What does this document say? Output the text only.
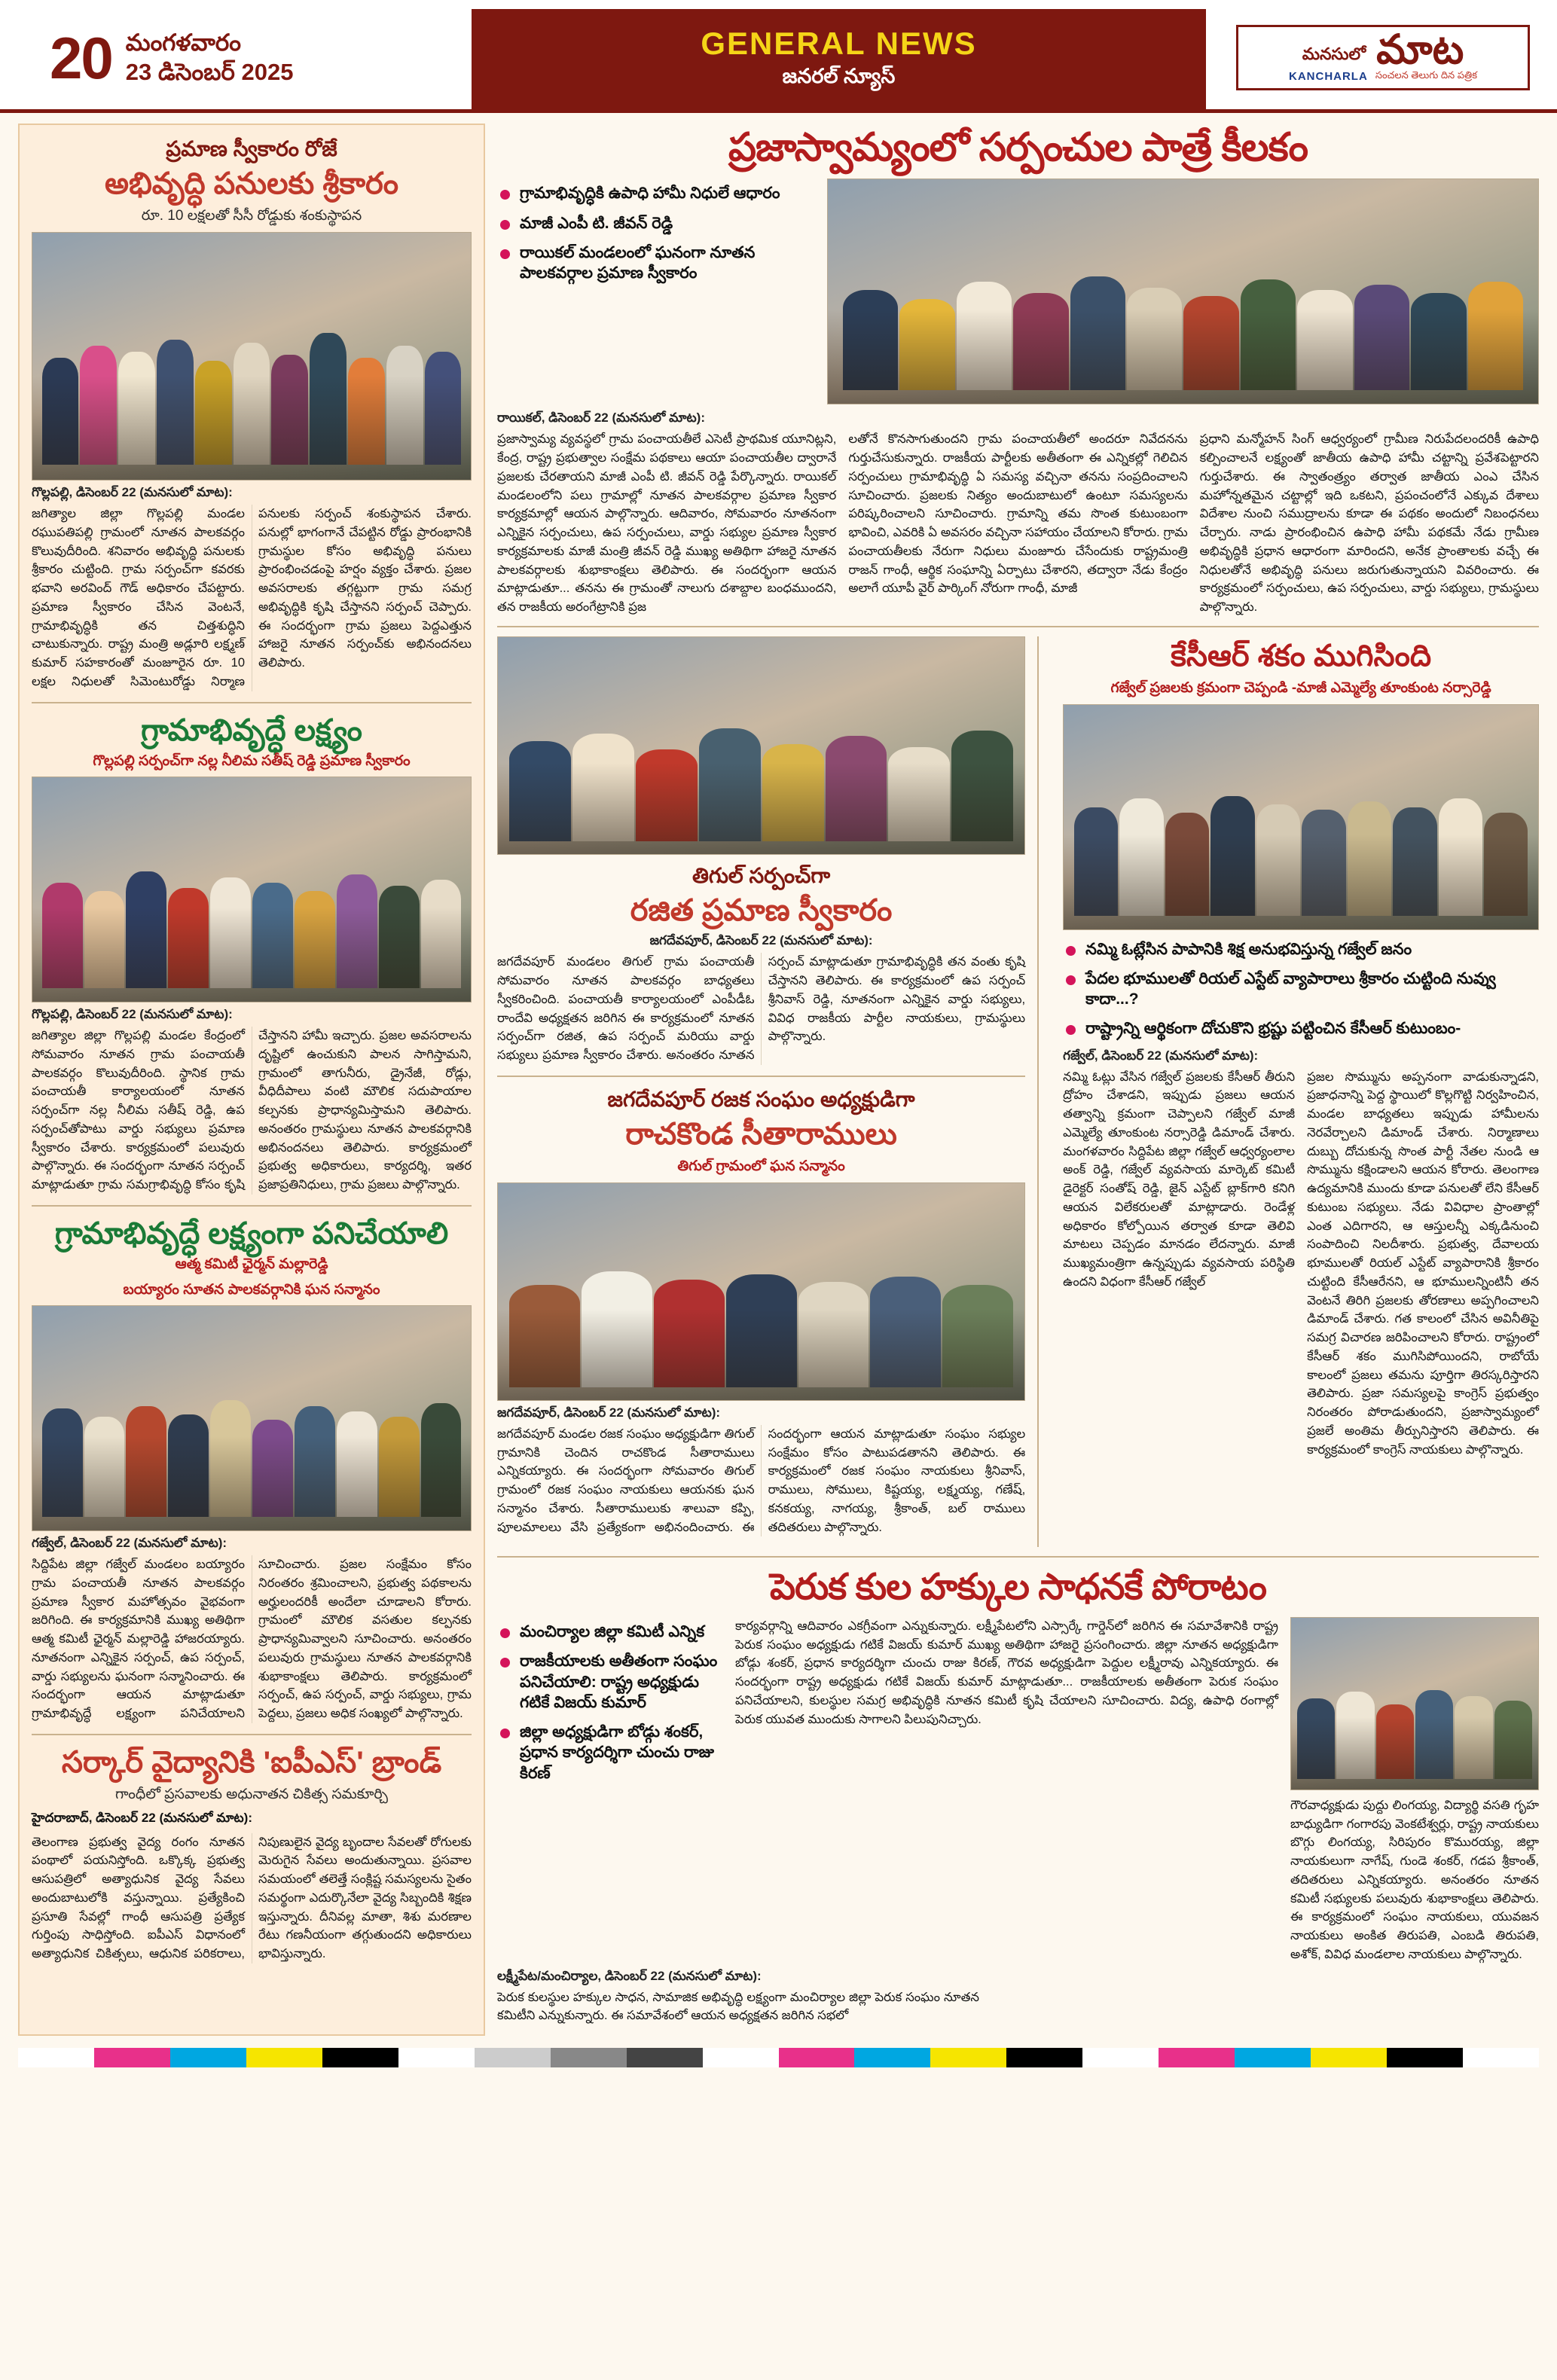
20 మంగళవారం
23 డిసెంబర్ 2025
GENERAL NEWS
జనరల్ న్యూస్
మనసులో మాట
KANCHARLA సంచలన తెలుగు దిన పత్రిక
ప్రమాణ స్వీకారం రోజే
అభివృద్ధి పనులకు శ్రీకారం
రూ. 10 లక్షలతో సీసీ రోడ్డుకు శంకుస్థాపన
గొల్లపల్లి, డిసెంబర్ 22 (మనసులో మాట):
జగిత్యాల జిల్లా గొల్లపల్లి మండల రఘుపతిపల్లి గ్రామంలో నూతన పాలకవర్గం కొలువుదీరింది. శనివారం అభివృద్ధి పనులకు శ్రీకారం చుట్టింది. గ్రామ సర్పంచ్‌గా కవరకు భవాని అరవింద్ గౌడ్ అధికారం చేపట్టారు. ప్రమాణ స్వీకారం చేసిన వెంటనే, గ్రామాభివృద్ధికి తన చిత్తశుద్ధిని చాటుకున్నారు. రాష్ట్ర మంత్రి అడ్లూరి లక్ష్మణ్ కుమార్ సహకారంతో మంజూరైన రూ. 10 లక్షల నిధులతో సిమెంటురోడ్డు నిర్మాణ పనులకు సర్పంచ్ శంకుస్థాపన చేశారు. పనుల్లో భాగంగానే చేపట్టిన రోడ్డు ప్రారంభానికి గ్రామస్థుల కోసం అభివృద్ధి పనులు ప్రారంభించడంపై హర్షం వ్యక్తం చేశారు. ప్రజల అవసరాలకు తగ్గట్టుగా గ్రామ సమగ్ర అభివృద్ధికి కృషి చేస్తానని సర్పంచ్ చెప్పారు. ఈ సందర్భంగా గ్రామ ప్రజలు పెద్దఎత్తున హాజరై నూతన సర్పంచ్‌కు అభినందనలు తెలిపారు.
గ్రామాభివృద్ధే లక్ష్యం
గొల్లపల్లి సర్పంచ్‌గా నల్ల నీలిమ సతీష్ రెడ్డి ప్రమాణ స్వీకారం
గొల్లపల్లి, డిసెంబర్ 22 (మనసులో మాట):
జగిత్యాల జిల్లా గొల్లపల్లి మండల కేంద్రంలో సోమవారం నూతన గ్రామ పంచాయతీ పాలకవర్గం కొలువుదీరింది. స్థానిక గ్రామ పంచాయతీ కార్యాలయంలో నూతన సర్పంచ్‌గా నల్ల నీలిమ సతీష్ రెడ్డి, ఉప సర్పంచ్‌తోపాటు వార్డు సభ్యులు ప్రమాణ స్వీకారం చేశారు. కార్యక్రమంలో పలువురు పాల్గొన్నారు. ఈ సందర్భంగా నూతన సర్పంచ్ మాట్లాడుతూ గ్రామ సమగ్రాభివృద్ధి కోసం కృషి చేస్తానని హామీ ఇచ్చారు. ప్రజల అవసరాలను దృష్టిలో ఉంచుకుని పాలన సాగిస్తామని, గ్రామంలో తాగునీరు, డ్రైనేజీ, రోడ్లు, వీధిదీపాలు వంటి మౌలిక సదుపాయాల కల్పనకు ప్రాధాన్యమిస్తామని తెలిపారు. అనంతరం గ్రామస్థులు నూతన పాలకవర్గానికి అభినందనలు తెలిపారు. కార్యక్రమంలో ప్రభుత్వ అధికారులు, కార్యదర్శి, ఇతర ప్రజాప్రతినిధులు, గ్రామ ప్రజలు పాల్గొన్నారు.
గ్రామాభివృద్ధే లక్ష్యంగా పనిచేయాలి
ఆత్మ కమిటీ ఛైర్మన్ మల్లారెడ్డి
బయ్యారం సూతన పాలకవర్గానికి ఘన సన్మానం
గజ్వేల్, డిసెంబర్ 22 (మనసులో మాట):
సిద్దిపేట జిల్లా గజ్వేల్ మండలం బయ్యారం గ్రామ పంచాయతీ నూతన పాలకవర్గం ప్రమాణ స్వీకార మహోత్సవం వైభవంగా జరిగింది. ఈ కార్యక్రమానికి ముఖ్య అతిథిగా ఆత్మ కమిటీ ఛైర్మన్ మల్లారెడ్డి హాజరయ్యారు. నూతనంగా ఎన్నికైన సర్పంచ్, ఉప సర్పంచ్, వార్డు సభ్యులను ఘనంగా సన్మానించారు. ఈ సందర్భంగా ఆయన మాట్లాడుతూ గ్రామాభివృద్ధే లక్ష్యంగా పనిచేయాలని సూచించారు. ప్రజల సంక్షేమం కోసం నిరంతరం శ్రమించాలని, ప్రభుత్వ పథకాలను అర్హులందరికీ అందేలా చూడాలని కోరారు. గ్రామంలో మౌలిక వసతుల కల్పనకు ప్రాధాన్యమివ్వాలని సూచించారు. అనంతరం పలువురు గ్రామస్థులు నూతన పాలకవర్గానికి శుభాకాంక్షలు తెలిపారు. కార్యక్రమంలో సర్పంచ్, ఉప సర్పంచ్, వార్డు సభ్యులు, గ్రామ పెద్దలు, ప్రజలు అధిక సంఖ్యలో పాల్గొన్నారు.
సర్కార్ వైద్యానికి 'ఐపీఎస్' బ్రాండ్
గాంధీలో ప్రసవాలకు అధునాతన చికిత్స సమకూర్చి
హైదరాబాద్, డిసెంబర్ 22 (మనసులో మాట):
తెలంగాణ ప్రభుత్వ వైద్య రంగం నూతన పంథాలో పయనిస్తోంది. ఒక్కొక్క ప్రభుత్వ ఆసుపత్రిలో అత్యాధునిక వైద్య సేవలు అందుబాటులోకి వస్తున్నాయి. ప్రత్యేకించి ప్రసూతి సేవల్లో గాంధీ ఆసుపత్రి ప్రత్యేక గుర్తింపు సాధిస్తోంది. ఐపీఎస్ విధానంలో అత్యాధునిక చికిత్సలు, ఆధునిక పరికరాలు, నిపుణులైన వైద్య బృందాల సేవలతో రోగులకు మెరుగైన సేవలు అందుతున్నాయి. ప్రసవాల సమయంలో తలెత్తే సంక్లిష్ట సమస్యలను సైతం సమర్థంగా ఎదుర్కొనేలా వైద్య సిబ్బందికి శిక్షణ ఇస్తున్నారు. దీనివల్ల మాతా, శిశు మరణాల రేటు గణనీయంగా తగ్గుతుందని అధికారులు భావిస్తున్నారు.
ప్రజాస్వామ్యంలో సర్పంచుల పాత్రే కీలకం
గ్రామాభివృద్ధికి ఉపాధి హామీ నిధులే ఆధారం
మాజీ ఎంపీ టి. జీవన్ రెడ్డి
రాయికల్ మండలంలో ఘనంగా నూతన పాలకవర్గాల ప్రమాణ స్వీకారం
రాయికల్, డిసెంబర్ 22 (మనసులో మాట):
ప్రజాస్వామ్య వ్యవస్థలో గ్రామ పంచాయతీలే ఎసెటీ ప్రాథమిక యూనిట్లని, కేంద్ర, రాష్ట్ర ప్రభుత్వాల సంక్షేమ పథకాలు ఆయా పంచాయతీల ద్వారానే ప్రజలకు చేరతాయని మాజీ ఎంపీ టి. జీవన్ రెడ్డి పేర్కొన్నారు. రాయికల్ మండలంలోని పలు గ్రామాల్లో నూతన పాలకవర్గాల ప్రమాణ స్వీకార కార్యక్రమాల్లో ఆయన పాల్గొన్నారు. ఆదివారం, సోమవారం నూతనంగా ఎన్నికైన సర్పంచులు, ఉప సర్పంచులు, వార్డు సభ్యుల ప్రమాణ స్వీకార కార్యక్రమాలకు మాజీ మంత్రి జీవన్ రెడ్డి ముఖ్య అతిథిగా హాజరై నూతన పాలకవర్గాలకు శుభాకాంక్షలు తెలిపారు. ఈ సందర్భంగా ఆయన మాట్లాడుతూ... తనను ఈ గ్రామంతో నాలుగు దశాబ్దాల బంధముందని, తన రాజకీయ అరంగేట్రానికి ప్రజ
లతోనే కొనసాగుతుందని గ్రామ పంచాయతీలో అందరూ నివేదనను గుర్తుచేసుకున్నారు. రాజకీయ పార్టీలకు అతీతంగా ఈ ఎన్నికల్లో గెలిచిన సర్పంచులు గ్రామాభివృద్ధి ఏ సమస్య వచ్చినా తనను సంప్రదించాలని సూచించారు. ప్రజలకు నిత్యం అందుబాటులో ఉంటూ సమస్యలను పరిష్కరించాలని సూచించారు. గ్రామాన్ని తమ సొంత కుటుంబంగా భావించి, ఎవరికి ఏ అవసరం వచ్చినా సహాయం చేయాలని కోరారు. గ్రామ పంచాయతీలకు నేరుగా నిధులు మంజూరు చేసేందుకు రాష్ట్రమంత్రి రాజన్ గాంధీ, ఆర్థిక సంఘాన్ని ఏర్పాటు చేశారని, తద్వారా నేడు కేంద్రం అలాగే యూపీ వైర్ పార్కింగ్ నోరుగా గాంధీ, మాజీ
ప్రధాని మన్మోహన్ సింగ్ ఆధ్వర్యంలో గ్రామీణ నిరుపేదలందరికీ ఉపాధి కల్పించాలనే లక్ష్యంతో జాతీయ ఉపాధి హామీ చట్టాన్ని ప్రవేశపెట్టారని గుర్తుచేశారు. ఈ స్వాతంత్ర్యం తర్వాత జాతీయ ఎంఎ చేసిన మహోన్నతమైన చట్టాల్లో ఇది ఒకటని, ప్రపంచంలోనే ఎక్కువ దేశాలు విదేశాల నుంచి సముద్రాలను కూడా ఈ పథకం అందులో నిబంధనలు చేర్చారు. నాడు ప్రారంభించిన ఉపాధి హామీ పథకమే నేడు గ్రామీణ అభివృద్ధికి ప్రధాన ఆధారంగా మారిందని, అనేక ప్రాంతాలకు వచ్చే ఈ నిధులతోనే అభివృద్ధి పనులు జరుగుతున్నాయని వివరించారు. ఈ కార్యక్రమంలో సర్పంచులు, ఉప సర్పంచులు, వార్డు సభ్యులు, గ్రామస్థులు పాల్గొన్నారు.
తిగుల్ సర్పంచ్‌గా
రజిత ప్రమాణ స్వీకారం
జగదేవపూర్, డిసెంబర్ 22 (మనసులో మాట):
జగదేవపూర్ మండలం తిగుల్ గ్రామ పంచాయతీ సోమవారం నూతన పాలకవర్గం బాధ్యతలు స్వీకరించింది. పంచాయతీ కార్యాలయంలో ఎంపీడీఓ రాందేవి అధ్యక్షతన జరిగిన ఈ కార్యక్రమంలో నూతన సర్పంచ్‌గా రజిత, ఉప సర్పంచ్ మరియు వార్డు సభ్యులు ప్రమాణ స్వీకారం చేశారు. అనంతరం నూతన సర్పంచ్ మాట్లాడుతూ గ్రామాభివృద్ధికి తన వంతు కృషి చేస్తానని తెలిపారు. ఈ కార్యక్రమంలో ఉప సర్పంచ్ శ్రీనివాస్ రెడ్డి, నూతనంగా ఎన్నికైన వార్డు సభ్యులు, వివిధ రాజకీయ పార్టీల నాయకులు, గ్రామస్థులు పాల్గొన్నారు.
జగదేవపూర్ రజక సంఘం అధ్యక్షుడిగా
రాచకొండ సీతారాములు
తిగుల్ గ్రామంలో ఘన సన్మానం
జగదేవపూర్, డిసెంబర్ 22 (మనసులో మాట):
జగదేవపూర్ మండల రజక సంఘం అధ్యక్షుడిగా తిగుల్ గ్రామానికి చెందిన రాచకొండ సీతారాములు ఎన్నికయ్యారు. ఈ సందర్భంగా సోమవారం తిగుల్ గ్రామంలో రజక సంఘం నాయకులు ఆయనకు ఘన సన్మానం చేశారు. సీతారాములుకు శాలువా కప్పి, పూలమాలలు వేసి ప్రత్యేకంగా అభినందించారు. ఈ సందర్భంగా ఆయన మాట్లాడుతూ సంఘం సభ్యుల సంక్షేమం కోసం పాటుపడతానని తెలిపారు. ఈ కార్యక్రమంలో రజక సంఘం నాయకులు శ్రీనివాస్, రాములు, సోములు, కిష్టయ్య, లక్ష్మయ్య, గణేష్, కనకయ్య, నాగయ్య, శ్రీకాంత్, బల్ రాములు తదితరులు పాల్గొన్నారు.
కేసీఆర్ శకం ముగిసింది
గజ్వేల్ ప్రజలకు క్రమంగా చెప్పండి -మాజీ ఎమ్మెల్యే తూంకుంట నర్సారెడ్డి
నమ్మి ఓట్లేసిన పాపానికి శిక్ష అనుభవిస్తున్న గజ్వేల్ జనం
పేదల భూములతో రియల్ ఎస్టేట్ వ్యాపారాలు శ్రీకారం చుట్టింది నువ్వు కాదా...?
రాష్ట్రాన్ని ఆర్థికంగా దోచుకొని భ్రష్టు పట్టించిన కేసీఆర్ కుటుంబం-
గజ్వేల్, డిసెంబర్ 22 (మనసులో మాట):
నమ్మి ఓట్లు వేసిన గజ్వేల్ ప్రజలకు కేసీఆర్ తీరుని ద్రోహం చేశాడని, ఇప్పుడు ప్రజలు ఆయన తత్వాన్ని క్రమంగా చెప్పాలని గజ్వేల్ మాజీ ఎమ్మెల్యే తూంకుంట నర్సారెడ్డి డిమాండ్ చేశారు. మంగళవారం సిద్దిపేట జిల్లా గజ్వేల్ ఆధ్వర్యంలాల అంక్ రెడ్డి, గజ్వేల్ వ్యవసాయ మార్కెట్ కమిటీ డైరెక్టర్ సంతోష్ రెడ్డి, జైన్ ఎస్టేట్ బ్లాక్‌గారి కనిగి ఆయన విలేకరులతో మాట్లాడారు. రెండేళ్ల అధికారం కోల్పోయిన తర్వాత కూడా తెలివి మాటలు చెప్పడం మానడం లేదన్నారు. మాజీ ముఖ్యమంత్రిగా ఉన్నప్పుడు వ్యవసాయ పరిస్థితి ఉందని విధంగా కేసీఆర్ గజ్వేల్
ప్రజల సొమ్మును అప్పనంగా వాడుకున్నాడని, ప్రజాధనాన్ని పెద్ద స్థాయిలో కొల్లగొట్టి నిర్వహించిన, మండల బాధ్యతలు ఇప్పుడు హామీలను నెరవేర్చాలని డిమాండ్ చేశారు. నిర్మాణాలు దుబ్బు దోచుకున్న సొంత పార్టీ నేతల నుండి ఆ సొమ్మును కక్షిండాలని ఆయన కోరారు. తెలంగాణ ఉద్యమానికి ముందు కూడా పనులతో లేని కేసీఆర్ కుటుంబ సభ్యులు. నేడు వివిధాల ప్రాంతాల్లో ఎంత ఎదిగారని, ఆ ఆస్తులన్నీ ఎక్కడినుంచి సంపాదించి నిలదీశారు. ప్రభుత్వ, దేవాలయ భూములతో రియల్ ఎస్టేట్ వ్యాపారానికి శ్రీకారం చుట్టింది కేసీఆరేనని, ఆ భూములన్నింటినీ తన వెంటనే తిరిగి ప్రజలకు తోరణాలు అప్పగించాలని డిమాండ్ చేశారు. గత కాలంలో చేసిన అవినీతిపై సమగ్ర విచారణ జరిపించాలని కోరారు. రాష్ట్రంలో కేసీఆర్ శకం ముగిసిపోయిందని, రాబోయే కాలంలో ప్రజలు తమను పూర్తిగా తిరస్కరిస్తారని తెలిపారు. ప్రజా సమస్యలపై కాంగ్రెస్ ప్రభుత్వం నిరంతరం పోరాడుతుందని, ప్రజాస్వామ్యంలో ప్రజలే అంతిమ తీర్పునిస్తారని తెలిపారు. ఈ కార్యక్రమంలో కాంగ్రెస్ నాయకులు పాల్గొన్నారు.
పెరుక కుల హక్కుల సాధనకే పోరాటం
మంచిర్యాల జిల్లా కమిటీ ఎన్నిక
రాజకీయాలకు అతీతంగా సంఘం పనిచేయాలి: రాష్ట్ర అధ్యక్షుడు గటికే విజయ్ కుమార్
జిల్లా అధ్యక్షుడిగా బోడ్గు శంకర్, ప్రధాన కార్యదర్శిగా చుంచు రాజు కిరణ్
కార్యవర్గాన్ని ఆదివారం ఎకగ్రీవంగా ఎన్నుకున్నారు. లక్ష్మీపేటలోని ఎస్సార్కే గార్డెన్‌లో జరిగిన ఈ సమావేశానికి రాష్ట్ర పెరుక సంఘం అధ్యక్షుడు గటికే విజయ్ కుమార్ ముఖ్య అతిథిగా హాజరై ప్రసంగించారు. జిల్లా నూతన అధ్యక్షుడిగా బోడ్గు శంకర్, ప్రధాన కార్యదర్శిగా చుంచు రాజు కిరణ్, గౌరవ అధ్యక్షుడిగా పెద్దుల లక్ష్మీరావు ఎన్నికయ్యారు. ఈ సందర్భంగా రాష్ట్ర అధ్యక్షుడు గటికే విజయ్ కుమార్ మాట్లాడుతూ... రాజకీయాలకు అతీతంగా పెరుక సంఘం పనిచేయాలని, కులస్థుల సమగ్ర అభివృద్ధికి నూతన కమిటీ కృషి చేయాలని సూచించారు. విద్య, ఉపాధి రంగాల్లో పెరుక యువత ముందుకు సాగాలని పిలుపునిచ్చారు.
గౌరవాధ్యక్షుడు పుద్దు లింగయ్య, విద్యార్థి వసతి గృహ బాధ్యుడిగా గంగారపు వెంకటేశ్వర్లు, రాష్ట్ర నాయకులు బొగ్గు లింగయ్య, సిరిపురం కొమురయ్య, జిల్లా నాయకులుగా నాగేష్, గుండె శంకర్, గడప శ్రీకాంత్, తదితరులు ఎన్నికయ్యారు. అనంతరం నూతన కమిటీ సభ్యులకు పలువురు శుభాకాంక్షలు తెలిపారు. ఈ కార్యక్రమంలో సంఘం నాయకులు, యువజన నాయకులు అంకిత తిరుపతి, ఎంబడి తిరుపతి, అశోక్, వివిధ మండలాల నాయకులు పాల్గొన్నారు.
లక్ష్మీపేట/మంచిర్యాల, డిసెంబర్ 22 (మనసులో మాట):
పెరుక కులస్థుల హక్కుల సాధన, సామాజిక అభివృద్ధి లక్ష్యంగా మంచిర్యాల జిల్లా పెరుక సంఘం నూతన కమిటీని ఎన్నుకున్నారు. ఈ సమావేశంలో ఆయన అధ్యక్షతన జరిగిన సభలో
